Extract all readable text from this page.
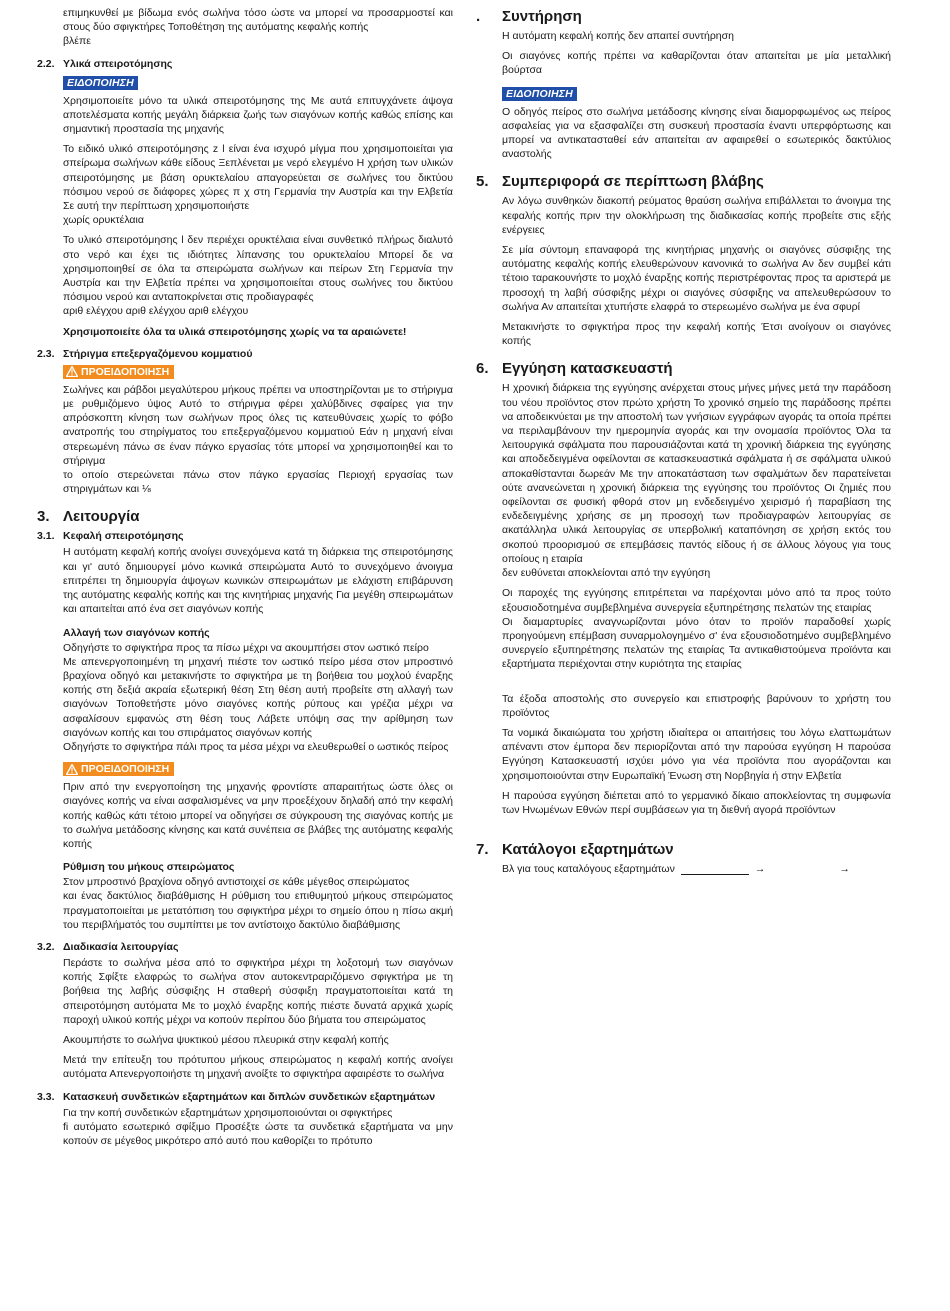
επιμηκυνθεί με βίδωμα ενός σωλήνα τόσο ώστε να μπορεί να προσαρμοστεί και στους δύο σφιγκτήρες Τοποθέτηση της αυτόματης κεφαλής κοπής
βλέπε

2.2. Υλικά σπειροτόμησης
ΕΙΔΟΠΟΙΗΣΗ

Χρησιμοποιείτε μόνο τα υλικά σπειροτόμησης της Με αυτά επιτυγχάνετε άψογα αποτελέσματα κοπής μεγάλη διάρκεια ζωής των σιαγόνων κοπής καθώς επίσης και σημαντική προστασία της μηχανής

Το ειδικό υλικό σπειροτόμησης z l είναι ένα ισχυρό μίγμα που χρησιμοποιείται για σπείρωμα σωλήνων κάθε είδους Ξεπλένεται με νερό ελεγμένο Η χρήση των υλικών σπειροτόμησης με βάση ορυκτελαίου απαγορεύεται σε σωλήνες του δικτύου πόσιμου νερού σε διάφορες χώρες π χ στη Γερμανία την Αυστρία και την Ελβετία Σε αυτή την περίπτωση χρησιμοποιήστε
χωρίς ορυκτέλαια

Το υλικό σπειροτόμησης l δεν περιέχει ορυκτέλαια είναι συνθετικό πλήρως διαλυτό στο νερό και έχει τις ιδιότητες λίπανσης του ορυκτελαίου Μπορεί δε να χρησιμοποιηθεί σε όλα τα σπειρώματα σωλήνων και πείρων Στη Γερμανία την Αυστρία και την Ελβετία πρέπει να χρησιμοποιείται στους σωλήνες του δικτύου πόσιμου νερού και ανταποκρίνεται στις προδιαγραφές
αριθ ελέγχου αριθ ελέγχου αριθ ελέγχου

Χρησιμοποιείτε όλα τα υλικά σπειροτόμησης χωρίς να τα αραιώνετε!

2.3. Στήριγμα επεξεργαζόμενου κομματιού
ΠΡΟΕΙΔΟΠΟΙΗΣΗ

Σωλήνες και ράβδοι μεγαλύτερου μήκους πρέπει να υποστηρίζονται με το στήριγμα με ρυθμιζόμενο ύψος Αυτό το στήριγμα φέρει χαλύβδινες σφαίρες για την απρόσκοπτη κίνηση των σωλήνων προς όλες τις κατευθύνσεις χωρίς το φόβο ανατροπής του στηρίγματος του επεξεργαζόμενου κομματιού Εάν η μηχανή είναι στερεωμένη πάνω σε έναν πάγκο εργασίας τότε μπορεί να χρησιμοποιηθεί και το στήριγμα
το οποίο στερεώνεται πάνω στον πάγκο εργασίας Περιοχή εργασίας των στηριγμάτων και ⅛

3. Λειτουργία
3.1. Κεφαλή σπειροτόμησης

Η αυτόματη κεφαλή κοπής ανοίγει συνεχόμενα κατά τη διάρκεια της σπειροτόμησης και γι' αυτό δημιουργεί μόνο κωνικά σπειρώματα Αυτό το συνεχόμενο άνοιγμα επιτρέπει τη δημιουργία άψογων κωνικών σπειρωμάτων με ελάχιστη επιβάρυνση της αυτόματης κεφαλής κοπής και της κινητήριας μηχανής Για μεγέθη σπειρωμάτων και απαιτείται από ένα σετ σιαγόνων κοπής

Αλλαγή των σιαγόνων κοπής

Οδηγήστε το σφιγκτήρα προς τα πίσω μέχρι να ακουμπήσει στον ωστικό πείρο
Με απενεργοποιημένη τη μηχανή πιέστε τον ωστικό πείρο μέσα στον μπροστινό βραχίονα οδηγό και μετακινήστε το σφιγκτήρα με τη βοήθεια του μοχλού έναρξης κοπής στη δεξιά ακραία εξωτερική θέση Στη θέση αυτή προβείτε στη αλλαγή των σιαγόνων Τοποθετήστε μόνο σιαγόνες κοπής ρύπους και γρέζια μέχρι να ασφαλίσουν εμφανώς στη θέση τους Λάβετε υπόψη σας την αρίθμηση των σιαγόνων κοπής και του σπιράματος σιαγόνων κοπής
Οδηγήστε το σφιγκτήρα πάλι προς τα μέσα μέχρι να ελευθερωθεί ο ωστικός πείρος

ΠΡΟΕΙΔΟΠΟΙΗΣΗ

Πριν από την ενεργοποίηση της μηχανής φροντίστε απαραιτήτως ώστε όλες οι σιαγόνες κοπής να είναι ασφαλισμένες να μην προεξέχουν δηλαδή από την κεφαλή κοπής καθώς κάτι τέτοιο μπορεί να οδηγήσει σε σύγκρουση της σιαγόνας κοπής με το σωλήνα μετάδοσης κίνησης και κατά συνέπεια σε βλάβες της αυτόματης κεφαλής κοπής

Ρύθμιση του μήκους σπειρώματος

Στον μπροστινό βραχίονα οδηγό αντιστοιχεί σε κάθε μέγεθος σπειρώματος
και ένας δακτύλιος διαβάθμισης Η ρύθμιση του επιθυμητού μήκους σπειρώματος πραγματοποιείται με μετατόπιση του σφιγκτήρα μέχρι το σημείο όπου η πίσω ακμή του περιβλήματός του συμπίπτει με τον αντίστοιχο δακτύλιο διαβάθμισης

3.2. Διαδικασία λειτουργίας

Περάστε το σωλήνα μέσα από το σφιγκτήρα μέχρι τη λοξοτομή των σιαγόνων κοπής Σφίξτε ελαφρώς το σωλήνα στον αυτοκεντραριζόμενο σφιγκτήρα με τη βοήθεια της λαβής σύσφιξης Η σταθερή σύσφιξη πραγματοποιείται κατά τη σπειροτόμηση αυτόματα Με το μοχλό έναρξης κοπής πιέστε δυνατά αρχικά χωρίς παροχή υλικού κοπής μέχρι να κοπούν περίπου δύο βήματα του σπειρώματος

Ακουμπήστε το σωλήνα ψυκτικού μέσου πλευρικά στην κεφαλή κοπής

Μετά την επίτευξη του πρότυπου μήκους σπειρώματος η κεφαλή κοπής ανοίγει αυτόματα Απενεργοποιήστε τη μηχανή ανοίξτε το σφιγκτήρα αφαιρέστε το σωλήνα

3.3. Κατασκευή συνδετικών εξαρτημάτων και διπλών συνδετικών εξαρτημάτων

Για την κοπή συνδετικών εξαρτημάτων χρησιμοποιούνται οι σφιγκτήρες
fi αυτόματο εσωτερικό σφίξιμο Προσέξτε ώστε τα συνδετικά εξαρτήματα να μην κοπούν σε μέγεθος μικρότερο από αυτό που καθορίζει το πρότυπο

.	Συντήρηση

Η αυτόματη κεφαλή κοπής δεν απαιτεί συντήρηση

Οι σιαγόνες κοπής πρέπει να καθαρίζονται όταν απαιτείται με μία μεταλλική βούρτσα

ΕΙΔΟΠΟΙΗΣΗ

Ο οδηγός πείρος στο σωλήνα μετάδοσης κίνησης είναι διαμορφωμένος ως πείρος ασφαλείας για να εξασφαλίζει στη συσκευή προστασία έναντι υπερφόρτωσης και μπορεί να αντικατασταθεί εάν απαιτείται αν αφαιρεθεί ο εσωτερικός δακτύλιος αναστολής

5. Συμπεριφορά σε περίπτωση βλάβης

Αν λόγω συνθηκών διακοπή ρεύματος θραύση σωλήνα επιβάλλεται το άνοιγμα της κεφαλής κοπής πριν την ολοκλήρωση της διαδικασίας κοπής προβείτε στις εξής ενέργειες

Σε μία σύντομη επαναφορά της κινητήριας μηχανής οι σιαγόνες σύσφιξης της αυτόματης κεφαλής κοπής ελευθερώνουν κανονικά το σωλήνα Αν δεν συμβεί κάτι τέτοιο ταρακουνήστε το μοχλό έναρξης κοπής περιστρέφοντας προς τα αριστερά με προσοχή τη λαβή σύσφιξης μέχρι οι σιαγόνες σύσφιξης να απελευθερώσουν το σωλήνα Αν απαιτείται χτυπήστε ελαφρά το στερεωμένο σωλήνα με ένα σφυρί

Μετακινήστε το σφιγκτήρα προς την κεφαλή κοπής Έτσι ανοίγουν οι σιαγόνες κοπής

6. Εγγύηση κατασκευαστή

Η χρονική διάρκεια της εγγύησης ανέρχεται στους μήνες μήνες μετά την παράδοση του νέου προϊόντος στον πρώτο χρήστη Το χρονικό σημείο της παράδοσης πρέπει να αποδεικνύεται με την αποστολή των γνήσιων εγγράφων αγοράς τα οποία πρέπει να περιλαμβάνουν την ημερομηνία αγοράς και την ονομασία προϊόντος Όλα τα λειτουργικά σφάλματα που παρουσιάζονται κατά τη χρονική διάρκεια της εγγύησης και αποδεδειγμένα οφείλονται σε κατασκευαστικά σφάλματα ή σε σφάλματα υλικού αποκαθίστανται δωρεάν Με την αποκατάσταση των σφαλμάτων δεν παρατείνεται ούτε ανανεώνεται η χρονική διάρκεια της εγγύησης του προϊόντος Οι ζημιές που οφείλονται σε φυσική φθορά στον μη ενδεδειγμένο χειρισμό ή παραβίαση της ενδεδειγμένης χρήσης σε μη προσοχή των προδιαγραφών λειτουργίας σε ακατάλληλα υλικά λειτουργίας σε υπερβολική καταπόνηση σε χρήση εκτός του σκοπού προορισμού σε επεμβάσεις παντός είδους ή σε άλλους λόγους για τους οποίους η εταιρία
δεν ευθύνεται αποκλείονται από την εγγύηση

Οι παροχές της εγγύησης επιτρέπεται να παρέχονται μόνο από τα προς τούτο εξουσιοδοτημένα συμβεβλημένα συνεργεία εξυπηρέτησης πελατών της εταιρίας
Οι διαμαρτυρίες αναγνωρίζονται μόνο όταν το προϊόν παραδοθεί χωρίς προηγούμενη επέμβαση συναρμολογημένο σ' ένα εξουσιοδοτημένο συμβεβλημένο συνεργείο εξυπηρέτησης πελατών της εταιρίας Τα αντικαθιστούμενα προϊόντα και εξαρτήματα περιέχονται στην κυριότητα της εταιρίας

Τα έξοδα αποστολής στο συνεργείο και επιστροφής βαρύνουν το χρήστη του προϊόντος

Τα νομικά δικαιώματα του χρήστη ιδιαίτερα οι απαιτήσεις του λόγω ελαττωμάτων απέναντι στον έμπορα δεν περιορίζονται από την παρούσα εγγύηση Η παρούσα Εγγύηση Κατασκευαστή ισχύει μόνο για νέα προϊόντα που αγοράζονται και χρησιμοποιούνται στην Ευρωπαϊκή Ένωση στη Νορβηγία ή στην Ελβετία

Η παρούσα εγγύηση διέπεται από το γερμανικό δίκαιο αποκλείοντας τη συμφωνία των Ηνωμένων Εθνών περί συμβάσεων για τη διεθνή αγορά προϊόντων

7. Κατάλογοι εξαρτημάτων

Βλ για τους καταλόγους εξαρτημάτων	→	→
